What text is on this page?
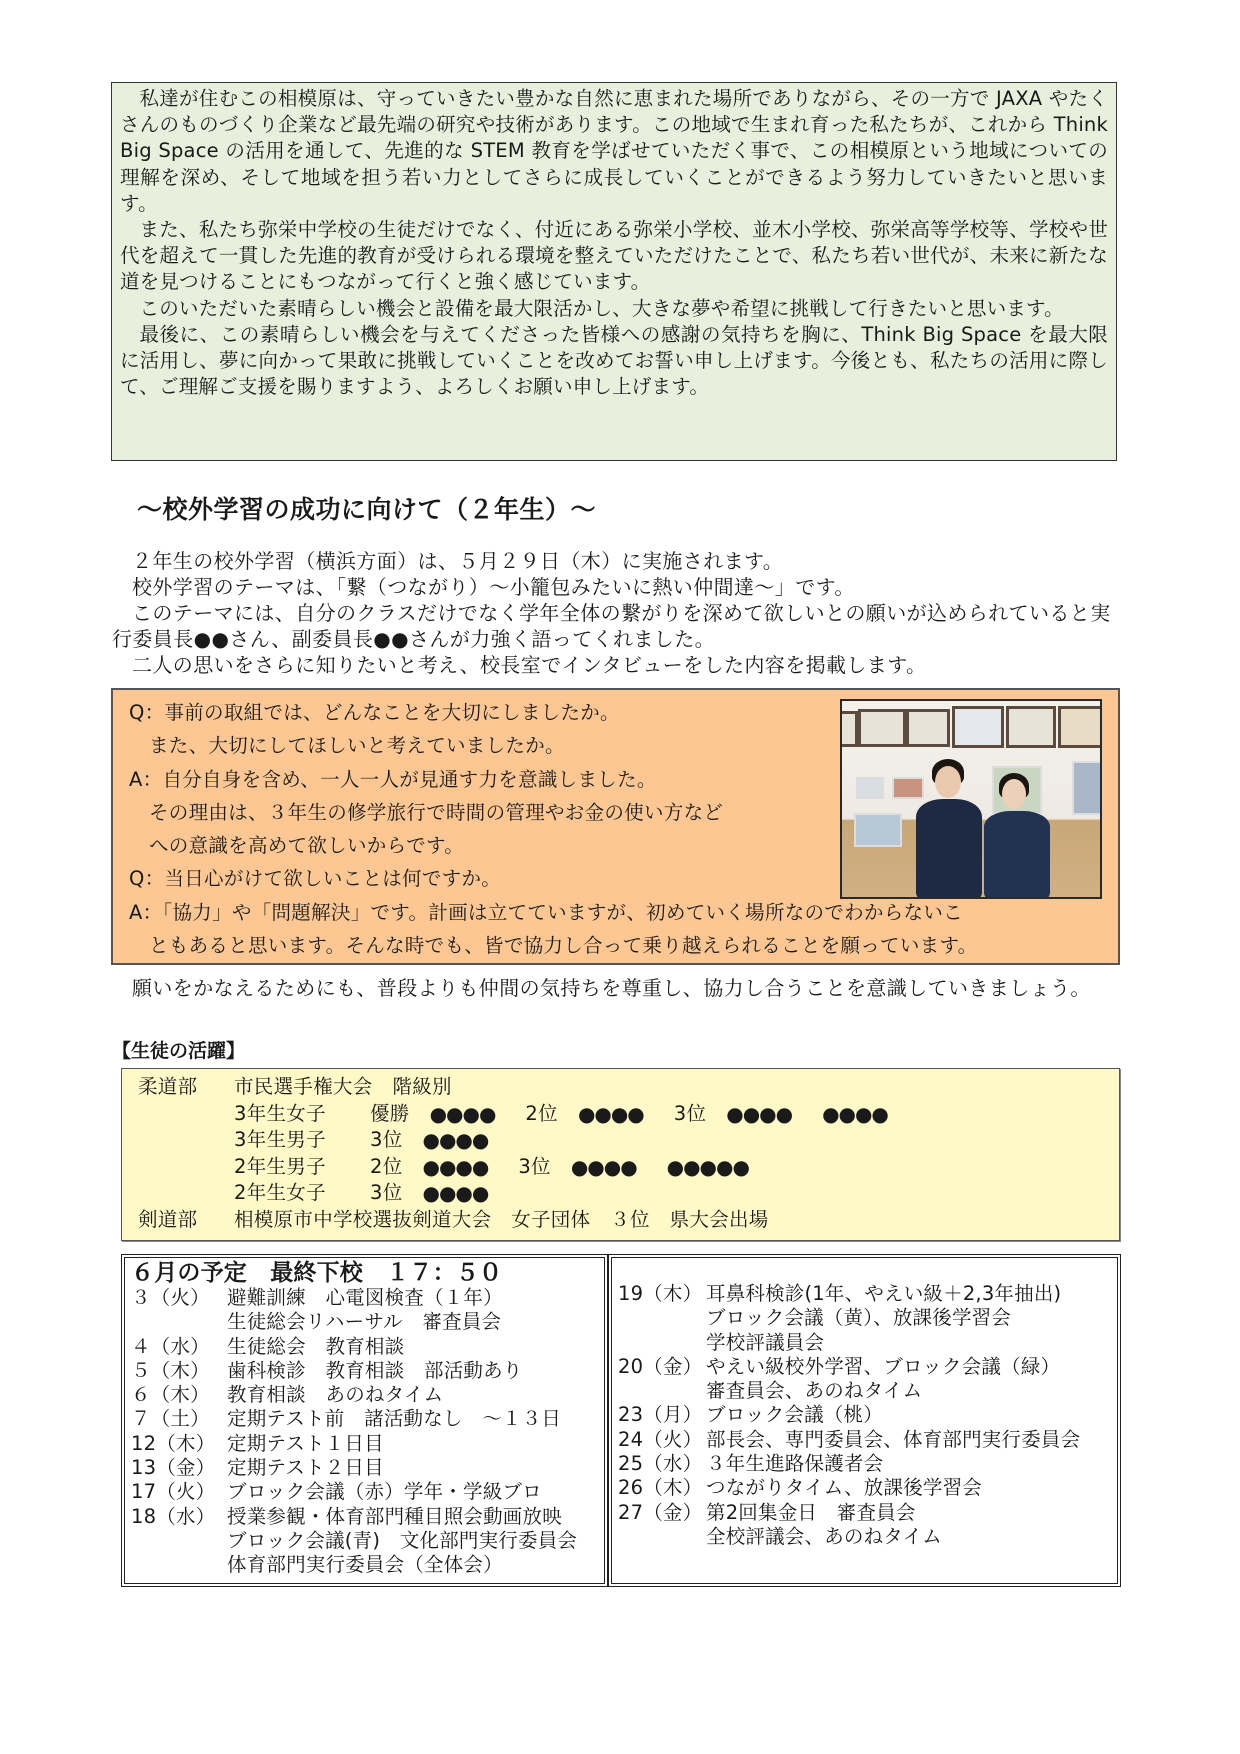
私達が住むこの相模原は、守っていきたい豊かな自然に恵まれた場所でありながら、その一方で JAXA やたくさんのものづくり企業など最先端の研究や技術があります。この地域で生まれ育った私たちが、これから Think Big Space の活用を通して、先進的な STEM 教育を学ばせていただく事で、この相模原という地域についての理解を深め、そして地域を担う若い力としてさらに成長していくことができるよう努力していきたいと思います。

また、私たち弥栄中学校の生徒だけでなく、付近にある弥栄小学校、並木小学校、弥栄高等学校等、学校や世代を超えて一貫した先進的教育が受けられる環境を整えていただけたことで、私たち若い世代が、未来に新たな道を見つけることにもつながって行くと強く感じています。

このいただいた素晴らしい機会と設備を最大限活かし、大きな夢や希望に挑戦して行きたいと思います。

最後に、この素晴らしい機会を与えてくださった皆様への感謝の気持ちを胸に、Think Big Space を最大限に活用し、夢に向かって果敢に挑戦していくことを改めてお誓い申し上げます。今後とも、私たちの活用に際して、ご理解ご支援を賜りますよう、よろしくお願い申し上げます。

～校外学習の成功に向けて（２年生）～

２年生の校外学習（横浜方面）は、５月２９日（木）に実施されます。

校外学習のテーマは、「繋（つながり）～小籠包みたいに熱い仲間達～」です。

このテーマには、自分のクラスだけでなく学年全体の繋がりを深めて欲しいとの願いが込められていると実行委員長●●さん、副委員長●●さんが力強く語ってくれました。

二人の思いをさらに知りたいと考え、校長室でインタビューをした内容を掲載します。

Q：事前の取組では、どんなことを大切にしましたか。
また、大切にしてほしいと考えていましたか。
A：自分自身を含め、一人一人が見通す力を意識しました。
その理由は、３年生の修学旅行で時間の管理やお金の使い方など
への意識を高めて欲しいからです。
Q：当日心がけて欲しいことは何ですか。
A：「協力」や「問題解決」です。計画は立てていますが、初めていく場所なのでわからないこ
ともあると思います。そんな時でも、皆で協力し合って乗り越えられることを願っています。

願いをかなえるためにも、普段よりも仲間の気持ちを尊重し、協力し合うことを意識していきましょう。

【生徒の活躍】
柔道部	市民選手権大会　階級別
3年生女子	優勝 ●●●● 2位 ●●●● 3位 ●●●● ●●●●
3年生男子	3位 ●●●●
2年生男子	2位 ●●●● 3位 ●●●● ●●●●●
2年生女子	3位 ●●●●
剣道部	相模原市中学校選抜剣道大会　女子団体　３位　県大会出場
６月の予定　最終下校　１７：５０
３（火） 避難訓練　心電図検査（１年）
生徒総会リハーサル　審査員会
４（水） 生徒総会　教育相談
５（木） 歯科検診　教育相談　部活動あり
６（木） 教育相談　あのねタイム
７（土） 定期テスト前　諸活動なし　～１３日
12（木） 定期テスト１日目
13（金） 定期テスト２日目
17（火） ブロック会議（赤）学年・学級ブロ
18（水） 授業参観・体育部門種目照会動画放映
ブロック会議(青)　文化部門実行委員会
体育部門実行委員会（全体会）
19（木） 耳鼻科検診(1年、やえい級＋2,3年抽出)
ブロック会議（黄）、放課後学習会
学校評議員会
20（金） やえい級校外学習、ブロック会議（緑）
審査員会、あのねタイム
23（月） ブロック会議（桃）
24（火） 部長会、専門委員会、体育部門実行委員会
25（水） ３年生進路保護者会
26（木） つながりタイム、放課後学習会
27（金） 第2回集金日　審査員会
全校評議会、あのねタイム
